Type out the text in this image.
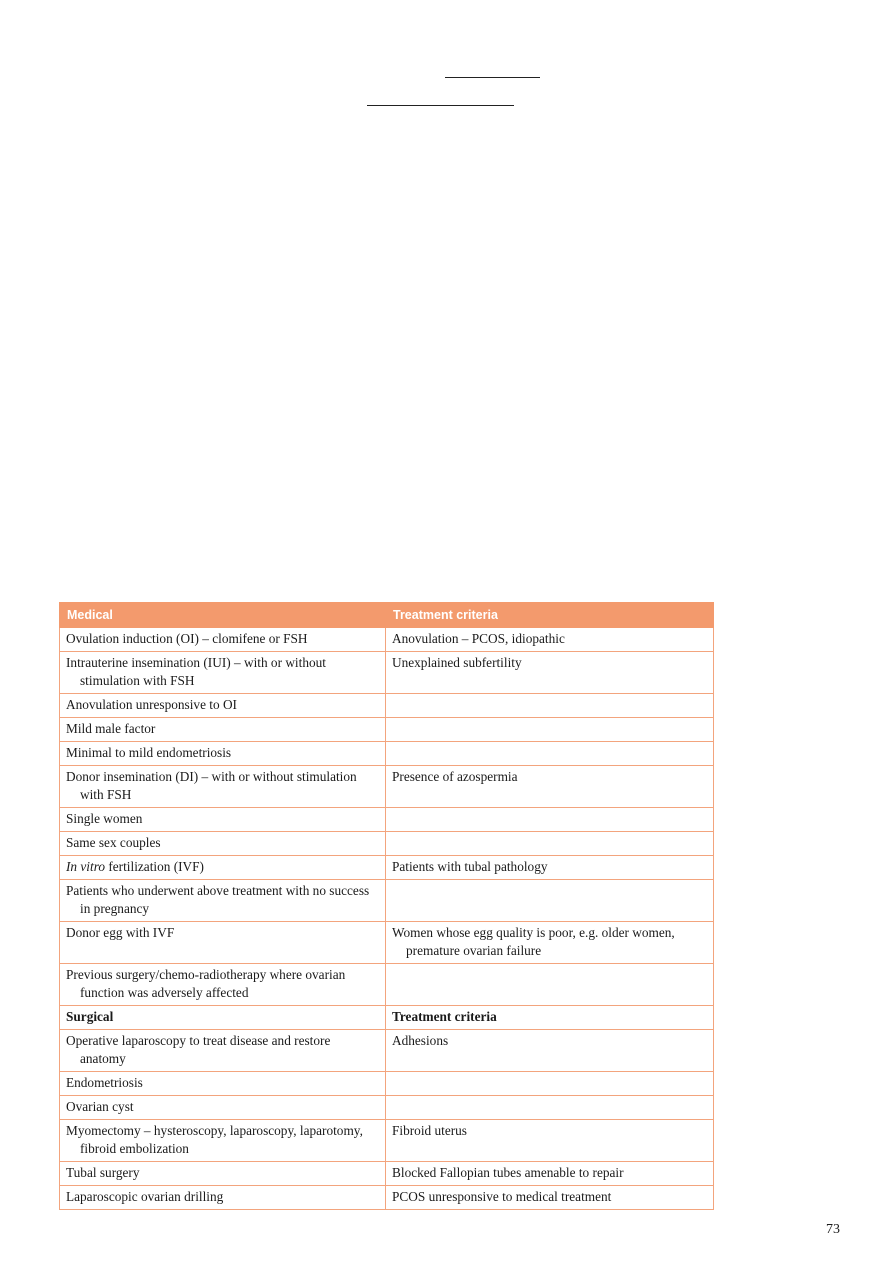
Medical	Treatment criteria

Ovulation induction (OI) – clomifene or FSH	Anovulation – PCOS, idiopathic

Intrauterine insemination (IUI) – with or without stimulation with FSH	Unexplained subfertility

Anovulation unresponsive to OI	

Mild male factor	

Minimal to mild endometriosis	

Donor insemination (DI) – with or without stimulation with FSH	Presence of azospermia

Single women	

Same sex couples	

In vitro fertilization (IVF)	Patients with tubal pathology

Patients who underwent above treatment with no success in pregnancy	

Donor egg with IVF	Women whose egg quality is poor, e.g. older women, premature ovarian failure

Previous surgery/chemo-radiotherapy where ovarian function was adversely affected	

Surgical	Treatment criteria

Operative laparoscopy to treat disease and restore anatomy	Adhesions

Endometriosis	

Ovarian cyst	

Myomectomy – hysteroscopy, laparoscopy, laparotomy, fibroid embolization	Fibroid uterus

Tubal surgery	Blocked Fallopian tubes amenable to repair

Laparoscopic ovarian drilling	PCOS unresponsive to medical treatment
73
